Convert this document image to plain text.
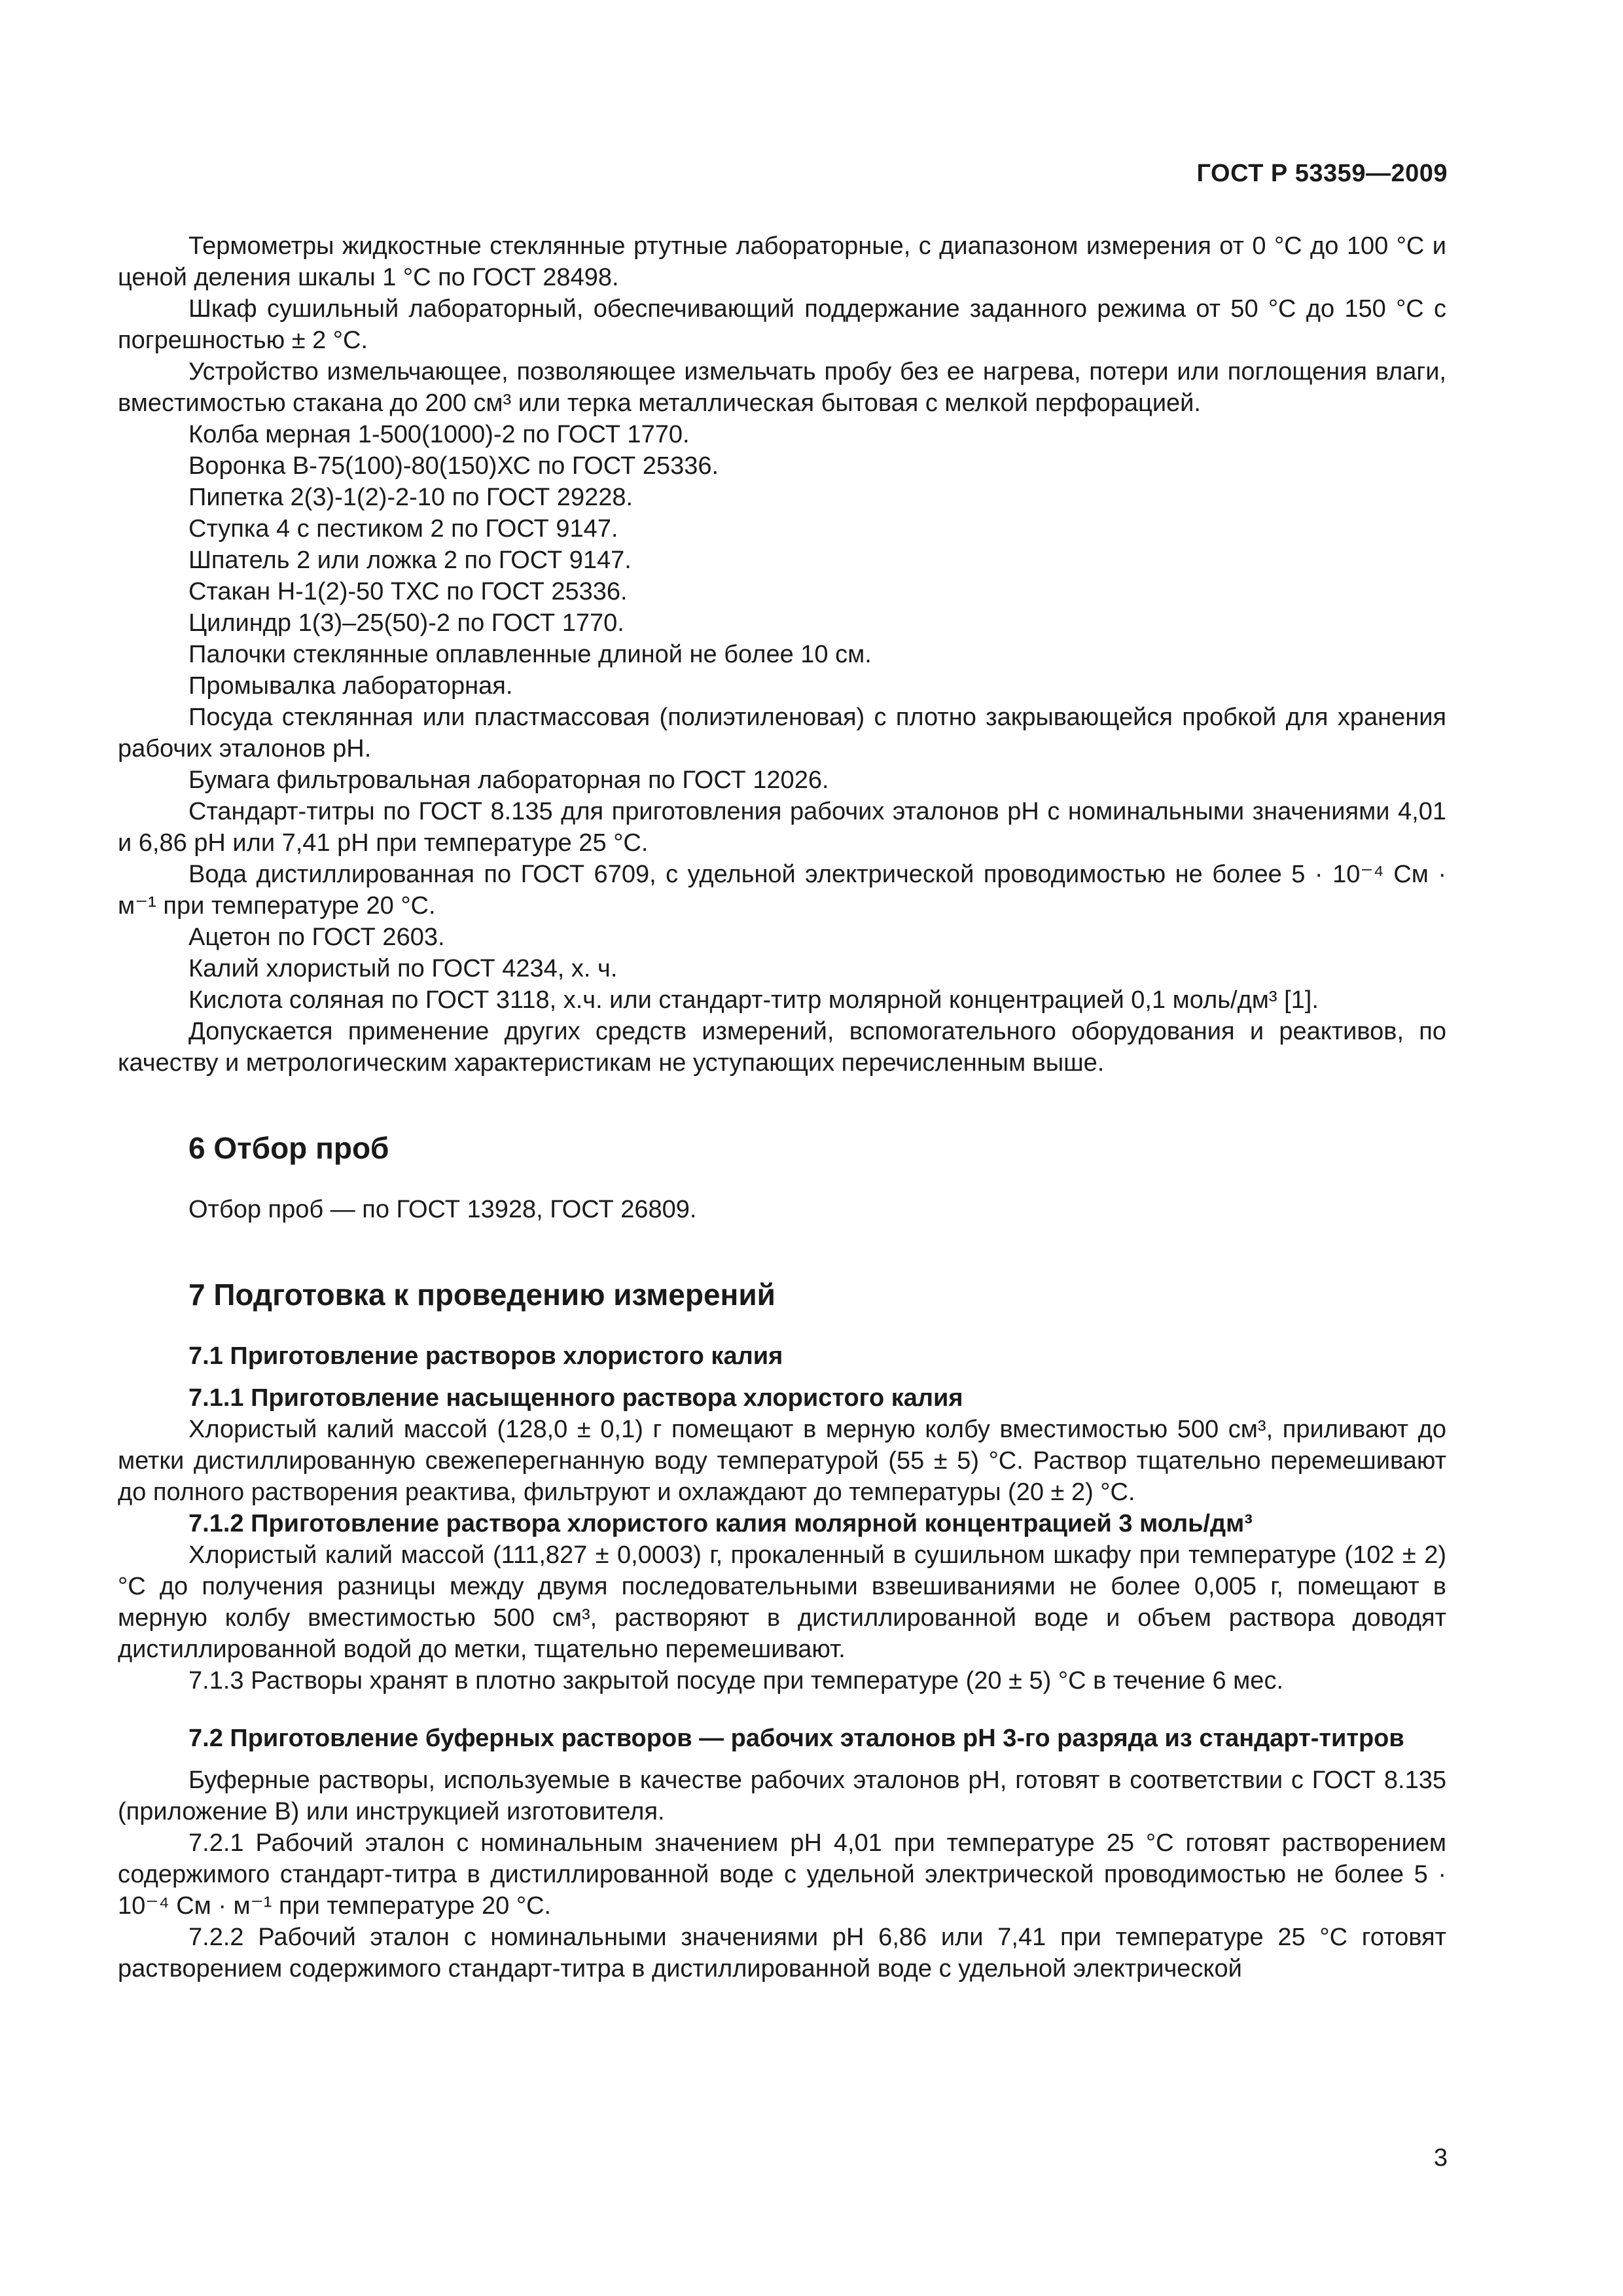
ГОСТ Р 53359—2009

Термометры жидкостные стеклянные ртутные лабораторные, с диапазоном измерения от 0 °С до 100 °С и ценой деления шкалы 1 °С по ГОСТ 28498.

Шкаф сушильный лабораторный, обеспечивающий поддержание заданного режима от 50 °С до 150 °С с погрешностью ± 2 °С.

Устройство измельчающее, позволяющее измельчать пробу без ее нагрева, потери или поглощения влаги, вместимостью стакана до 200 см³ или терка металлическая бытовая с мелкой перфорацией.

Колба мерная 1-500(1000)-2 по ГОСТ 1770.

Воронка В-75(100)-80(150)ХС по ГОСТ 25336.

Пипетка 2(3)-1(2)-2-10 по ГОСТ 29228.

Ступка 4 с пестиком 2 по ГОСТ 9147.

Шпатель 2 или ложка 2 по ГОСТ 9147.

Стакан Н-1(2)-50 ТХС по ГОСТ 25336.

Цилиндр 1(3)–25(50)-2 по ГОСТ 1770.

Палочки стеклянные оплавленные длиной не более 10 см.

Промывалка лабораторная.

Посуда стеклянная или пластмассовая (полиэтиленовая) с плотно закрывающейся пробкой для хранения рабочих эталонов рН.

Бумага фильтровальная лабораторная по ГОСТ 12026.

Стандарт-титры по ГОСТ 8.135 для приготовления рабочих эталонов рН с номинальными значениями 4,01 и 6,86 рН или 7,41 рН при температуре 25 °С.

Вода дистиллированная по ГОСТ 6709, с удельной электрической проводимостью не более 5 · 10⁻⁴ См · м⁻¹ при температуре 20 °С.

Ацетон по ГОСТ 2603.

Калий хлористый по ГОСТ 4234, х. ч.

Кислота соляная по ГОСТ 3118, х.ч. или стандарт-титр молярной концентрацией 0,1 моль/дм³ [1].

Допускается применение других средств измерений, вспомогательного оборудования и реактивов, по качеству и метрологическим характеристикам не уступающих перечисленным выше.

6 Отбор проб

Отбор проб — по ГОСТ 13928, ГОСТ 26809.

7 Подготовка к проведению измерений
7.1 Приготовление растворов хлористого калия
7.1.1 Приготовление насыщенного раствора хлористого калия

Хлористый калий массой (128,0 ± 0,1) г помещают в мерную колбу вместимостью 500 см³, приливают до метки дистиллированную свежеперегнанную воду температурой (55 ± 5) °С. Раствор тщательно перемешивают до полного растворения реактива, фильтруют и охлаждают до температуры (20 ± 2) °С.

7.1.2 Приготовление раствора хлористого калия молярной концентрацией 3 моль/дм³

Хлористый калий массой (111,827 ± 0,0003) г, прокаленный в сушильном шкафу при температуре (102 ± 2) °С до получения разницы между двумя последовательными взвешиваниями не более 0,005 г, помещают в мерную колбу вместимостью 500 см³, растворяют в дистиллированной воде и объем раствора доводят дистиллированной водой до метки, тщательно перемешивают.

7.1.3 Растворы хранят в плотно закрытой посуде при температуре (20 ± 5) °С в течение 6 мес.

7.2 Приготовление буферных растворов — рабочих эталонов рН 3-го разряда из стандарт-титров

Буферные растворы, используемые в качестве рабочих эталонов рН, готовят в соответствии с ГОСТ 8.135 (приложение В) или инструкцией изготовителя.

7.2.1 Рабочий эталон с номинальным значением рН 4,01 при температуре 25 °С готовят растворением содержимого стандарт-титра в дистиллированной воде с удельной электрической проводимостью не более 5 · 10⁻⁴ См · м⁻¹ при температуре 20 °С.

7.2.2 Рабочий эталон с номинальными значениями рН 6,86 или 7,41 при температуре 25 °С готовят растворением содержимого стандарт-титра в дистиллированной воде с удельной электрической

3
